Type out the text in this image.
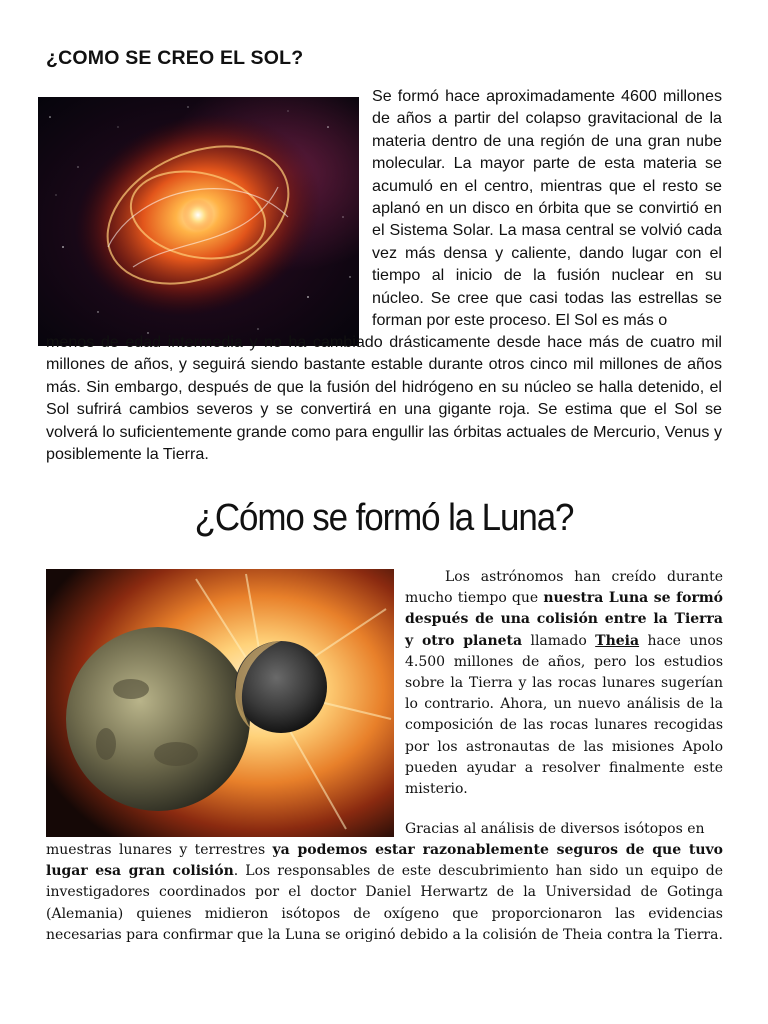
¿COMO SE CREO EL SOL?

Se formó hace aproximadamente 4600 millones de años a partir del colapso gravitacional de la materia dentro de una región de una gran nube molecular. La mayor parte de esta materia se acumuló en el centro, mientras que el resto se aplanó en un disco en órbita que se convirtió en el Sistema Solar. La masa central se volvió cada vez más densa y caliente, dando lugar con el tiempo al inicio de la fusión nuclear en su núcleo. Se cree que casi todas las estrellas se forman por este proceso. El Sol es más o

menos de edad intermedia y no ha cambiado drásticamente desde hace más de cuatro mil millones de años, y seguirá siendo bastante estable durante otros cinco mil millones de años más. Sin embargo, después de que la fusión del hidrógeno en su núcleo se halla detenido, el Sol sufrirá cambios severos y se convertirá en una gigante roja. Se estima que el Sol se volverá lo suficientemente grande como para engullir las órbitas actuales de Mercurio, Venus y posiblemente la Tierra.

¿Cómo se formó la Luna?

Los astrónomos han creído durante mucho tiempo que nuestra Luna se formó después de una colisión entre la Tierra y otro planeta llamado Theia hace unos 4.500 millones de años, pero los estudios sobre la Tierra y las rocas lunares sugerían lo contrario. Ahora, un nuevo análisis de la composición de las rocas lunares recogidas por los astronautas de las misiones Apolo pueden ayudar a resolver finalmente este misterio.

Gracias al análisis de diversos isótopos en

muestras lunares y terrestres ya podemos estar razonablemente seguros de que tuvo lugar esa gran colisión. Los responsables de este descubrimiento han sido un equipo de investigadores coordinados por el doctor Daniel Herwartz de la Universidad de Gotinga (Alemania) quienes midieron isótopos de oxígeno que proporcionaron las evidencias necesarias para confirmar que la Luna se originó debido a la colisión de Theia contra la Tierra.
